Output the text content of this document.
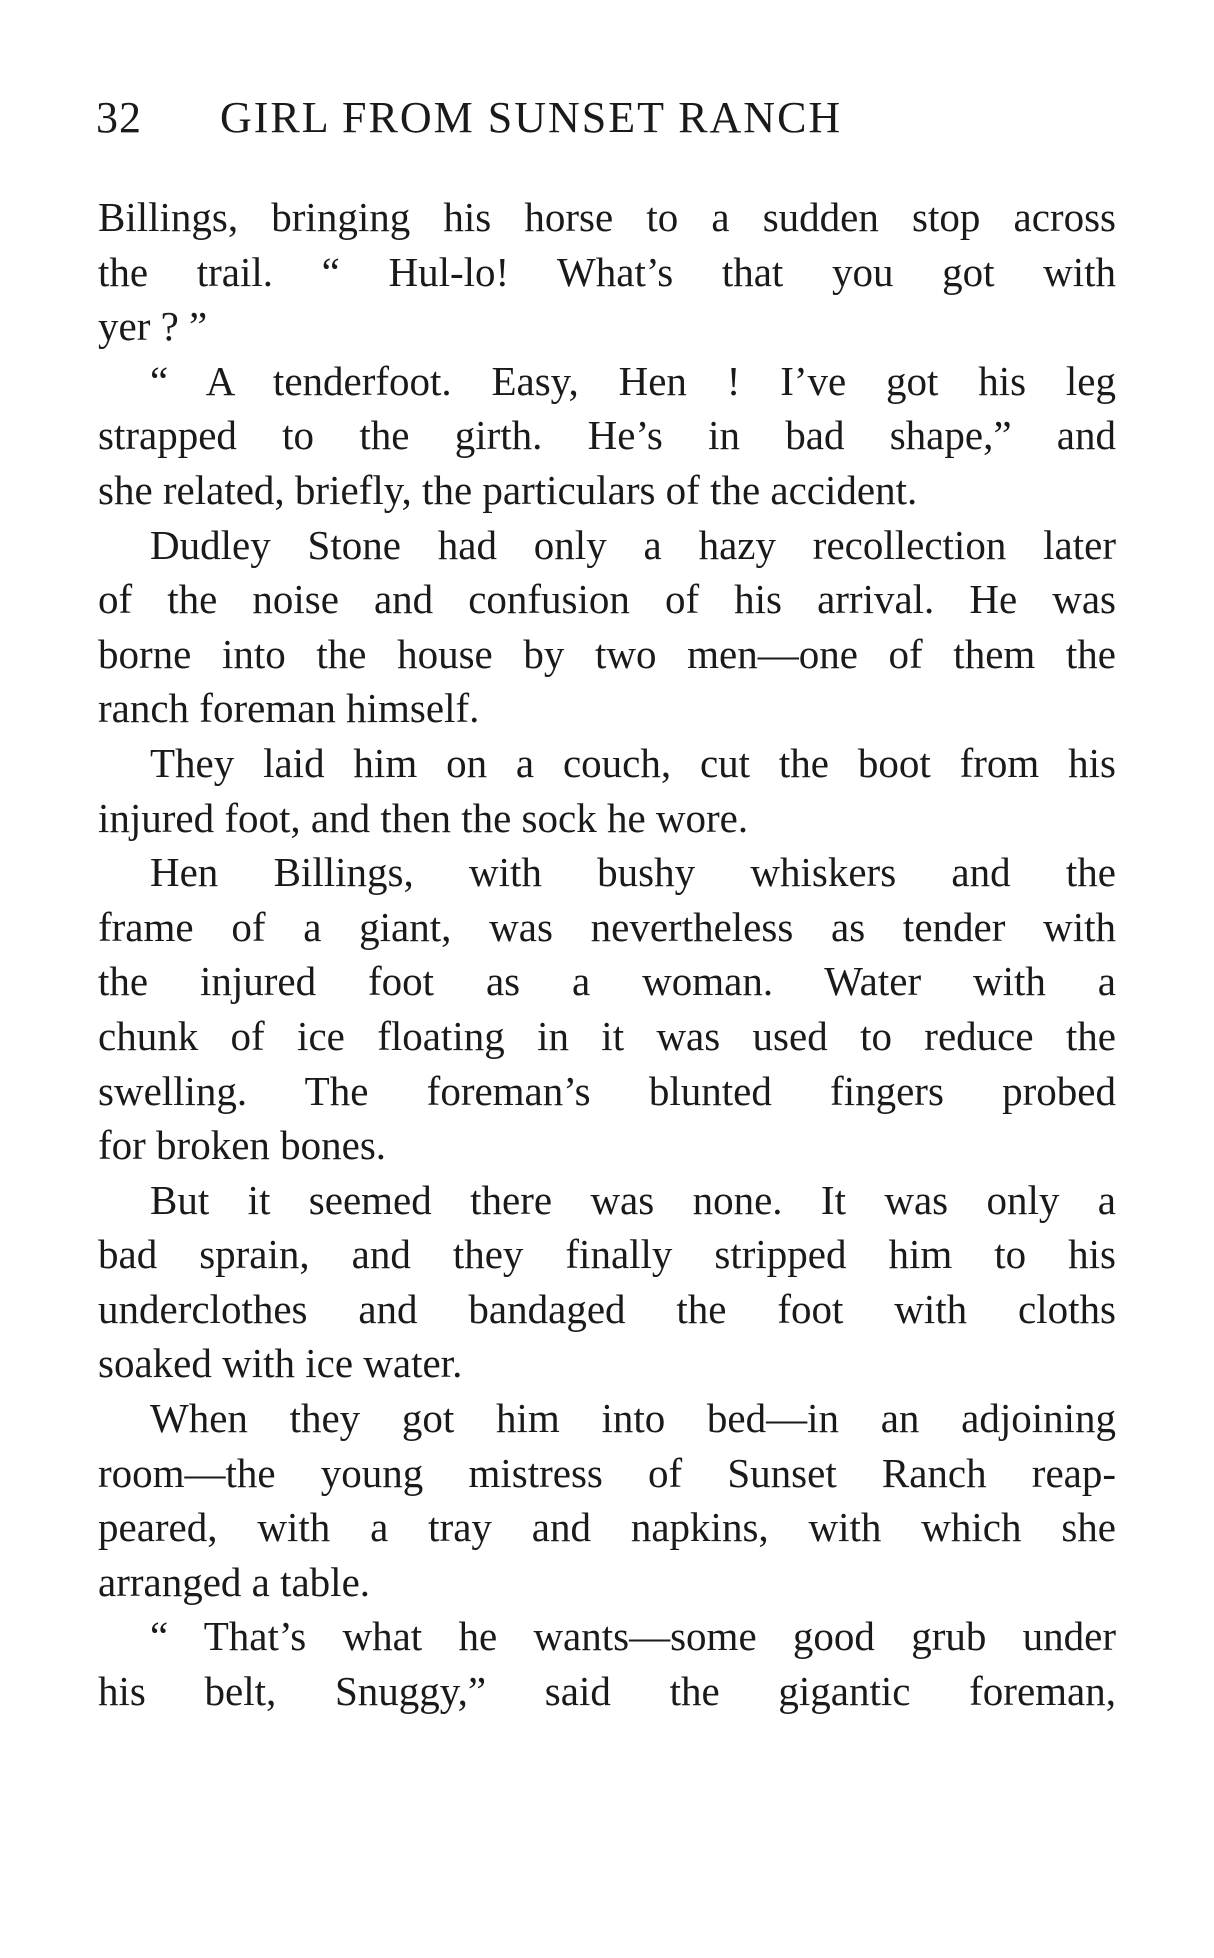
32 GIRL FROM SUNSET RANCH
Billings, bringing his horse to a sudden stop across
the trail. “ Hul-lo! What’s that you got with
yer ? ”
“ A tenderfoot. Easy, Hen ! I’ve got his leg
strapped to the girth. He’s in bad shape,” and
she related, briefly, the particulars of the accident.
Dudley Stone had only a hazy recollection later
of the noise and confusion of his arrival. He was
borne into the house by two men—one of them the
ranch foreman himself.
They laid him on a couch, cut the boot from his
injured foot, and then the sock he wore.
Hen Billings, with bushy whiskers and the
frame of a giant, was nevertheless as tender with
the injured foot as a woman. Water with a
chunk of ice floating in it was used to reduce the
swelling. The foreman’s blunted fingers probed
for broken bones.
But it seemed there was none. It was only a
bad sprain, and they finally stripped him to his
underclothes and bandaged the foot with cloths
soaked with ice water.
When they got him into bed—in an adjoining
room—the young mistress of Sunset Ranch reap-
peared, with a tray and napkins, with which she
arranged a table.
“ That’s what he wants—some good grub under
his belt, Snuggy,” said the gigantic foreman,
